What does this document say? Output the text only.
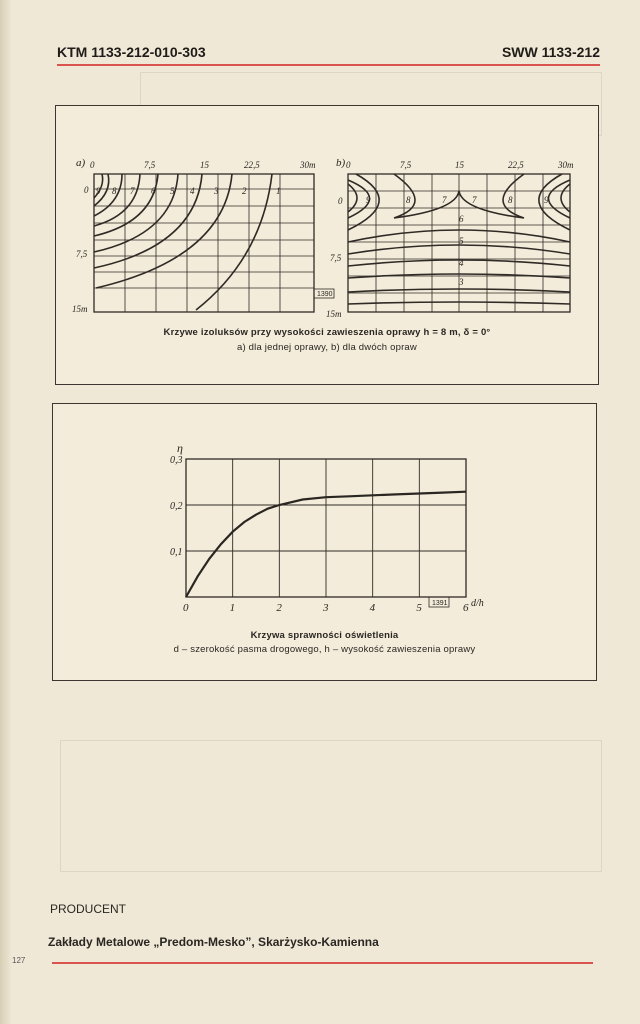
KTM 1133-212-010-303	SWW 1133-212
a) 0	7,5	15	22,5	30m
0
7,5
15m
9 8 7 6 5 4 3	2	1
b) 0	7,5	15	22,5	30m
0
7,5
15m
9	8	7
6
5
4
3
7	8	9
1390
Krzywe izoluksów przy wysokości zawieszenia oprawy h = 8 m, δ = 0°
a) dla jednej oprawy, b) dla dwóch opraw
0	1	2	3	4	5	6
0,1
0,2
0,3
η
d/h
1391
Krzywa sprawności oświetlenia
d – szerokość pasma drogowego, h – wysokość zawieszenia oprawy
PRODUCENT
Zakłady Metalowe „Predom-Mesko”, Skarżysko-Kamienna
127
